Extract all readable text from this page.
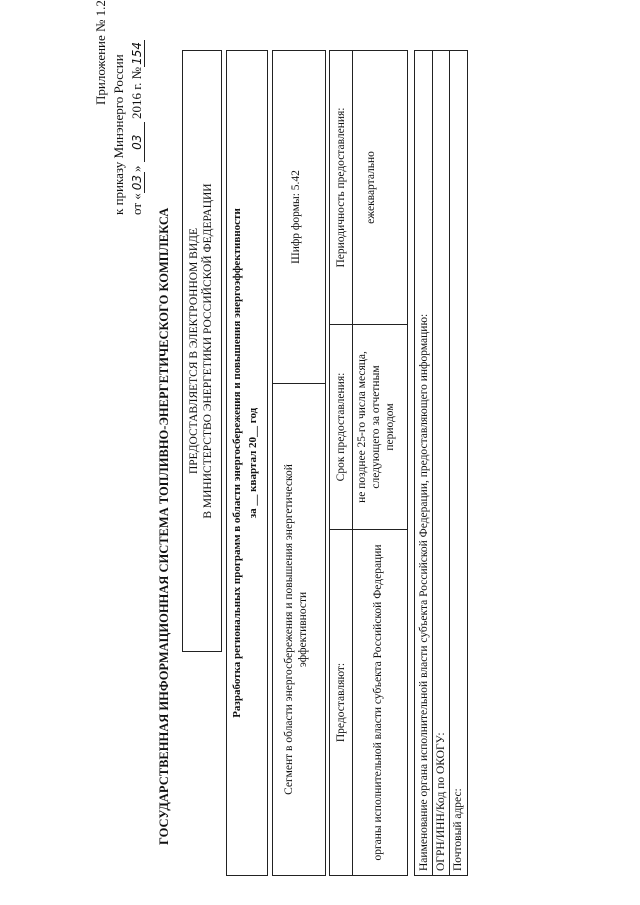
Приложение № 1.2
к приказу Минэнерго России от «03» 03 2016 г. №154
ГОСУДАРСТВЕННАЯ ИНФОРМАЦИОННАЯ СИСТЕМА ТОПЛИВНО-ЭНЕРГЕТИЧЕСКОГО КОМПЛЕКСА ПРЕДОСТАВЛЯЕТСЯ В ЭЛЕКТРОННОМ ВИДЕ В МИНИСТЕРСТВО ЭНЕРГЕТИКИ РОССИЙСКОЙ ФЕДЕРАЦИИ Разработка региональных программ в области энергосбережения и повышения энергоэффективности за __ квартал 20__ год
Сегмент в области энергосбережения и повышения энергетической эффективности
Шифр формы: 5.42
Предоставляют:
Срок предоставления:
Периодичность предоставления:
органы исполнительной власти субъекта Российской Федерации
не позднее 25-го числа месяца, следующего за отчетным периодом
ежеквартально
Наименование органа исполнительной власти субъекта Российской Федерации, предоставляющего информацию: ОГРН/ИНН/Код по ОКОГУ: Почтовый адрес:
